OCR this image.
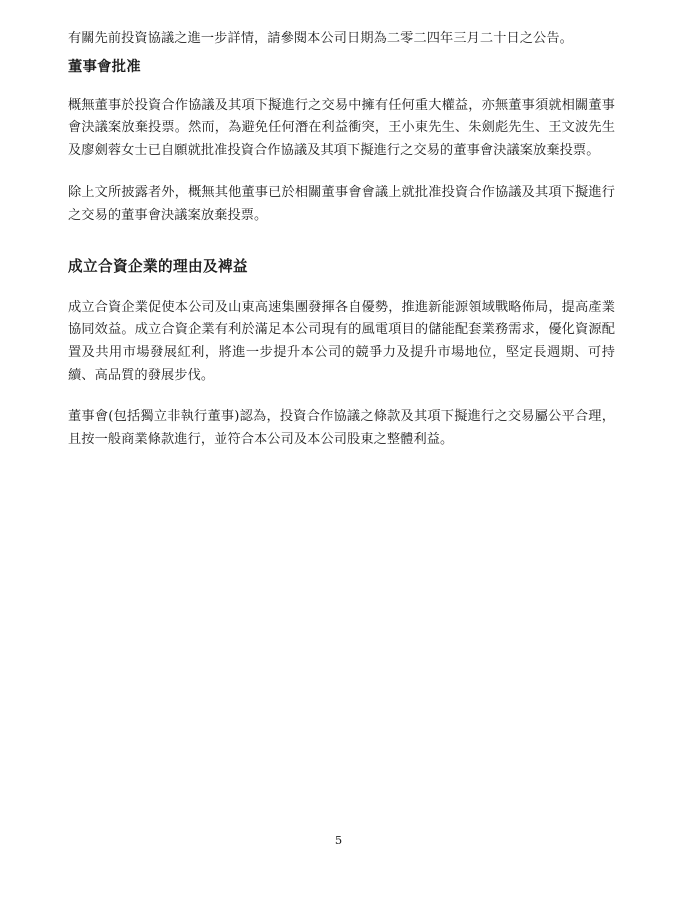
有關先前投資協議之進一步詳情，請參閱本公司日期為二零二四年三月二十日之公告。

董事會批准

概無董事於投資合作協議及其項下擬進行之交易中擁有任何重大權益，亦無董事須就相關董事會決議案放棄投票。然而，為避免任何潛在利益衝突，王小東先生、朱劍彪先生、王文波先生及廖劍蓉女士已自願就批准投資合作協議及其項下擬進行之交易的董事會決議案放棄投票。

除上文所披露者外，概無其他董事已於相關董事會會議上就批准投資合作協議及其項下擬進行之交易的董事會決議案放棄投票。

成立合資企業的理由及裨益

成立合資企業促使本公司及山東高速集團發揮各自優勢，推進新能源領域戰略佈局，提高產業協同效益。成立合資企業有利於滿足本公司現有的風電項目的儲能配套業務需求，優化資源配置及共用市場發展紅利，將進一步提升本公司的競爭力及提升市場地位，堅定長週期、可持續、高品質的發展步伐。

董事會(包括獨立非執行董事)認為，投資合作協議之條款及其項下擬進行之交易屬公平合理，且按一般商業條款進行，並符合本公司及本公司股東之整體利益。

5
